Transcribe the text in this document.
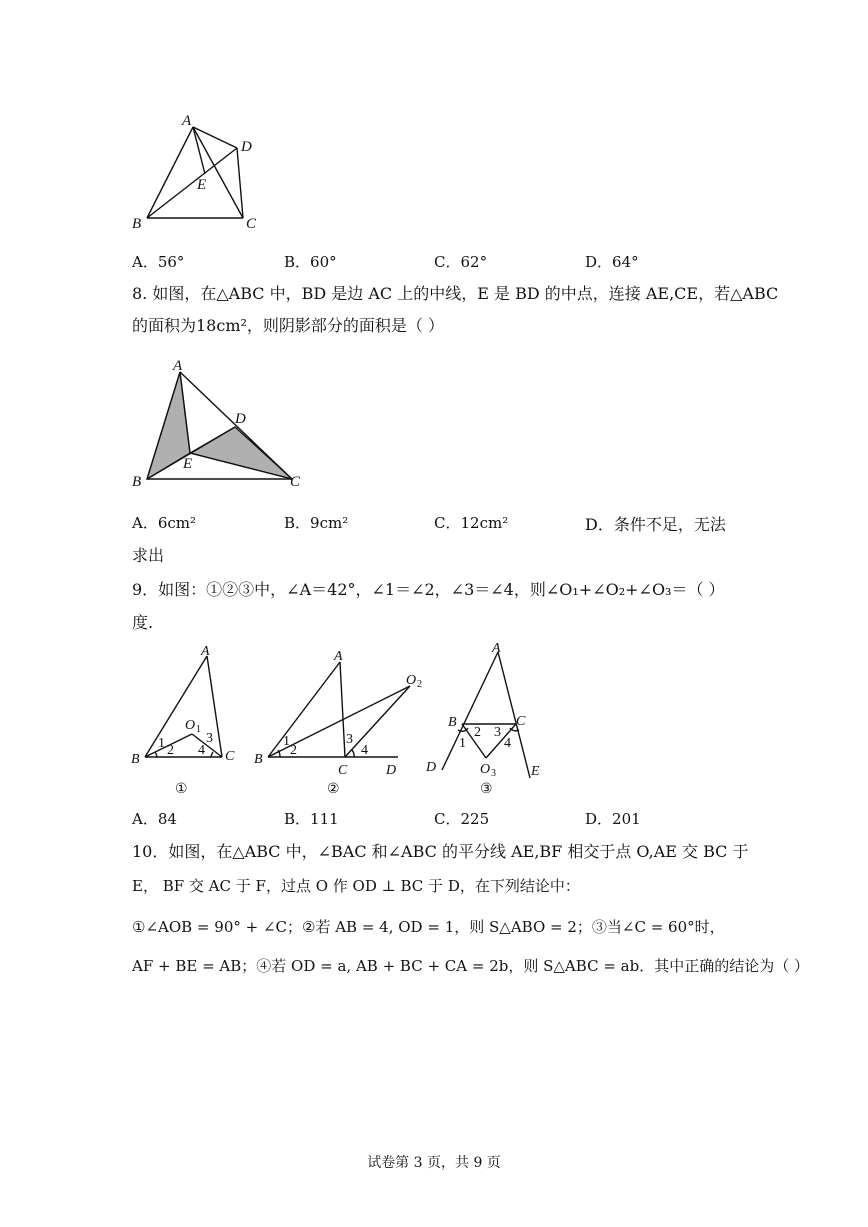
A
B	C
D
E
A．56°	B．60°	C．62°	D．64°
8. 如图，在△ABC 中，BD 是边 AC 上的中线，E 是 BD 的中点，连接 AE,CE，若△ABC
的面积为18cm²，则阴影部分的面积是（ ）
A
B	C
D
E
A．6cm²	B．9cm²	C．12cm²	D．条件不足，无法
求出
9．如图：①②③中，∠A＝42°，∠1＝∠2，∠3＝∠4，则∠O₁+∠O₂+∠O₃＝（ ）
度.
A
B	C
O 1
1 2
3
4
①
A
B
C	D
O 2
1
2
3
4
②
A
B	C
D	E
O 3
1
2 3
4
③
A．84	B．111	C．225	D．201
10．如图，在△ABC 中，∠BAC 和∠ABC 的平分线 AE,BF 相交于点 O,AE 交 BC 于
E， BF 交 AC 于 F，过点 O 作 OD ⊥ BC 于 D，在下列结论中：
①∠AOB = 90° + ∠C；②若 AB = 4, OD = 1，则 S△ABO = 2；③当∠C = 60°时，
AF + BE = AB；④若 OD = a, AB + BC + CA = 2b，则 S△ABC = ab．其中正确的结论为（ ）
试卷第 3 页，共 9 页
